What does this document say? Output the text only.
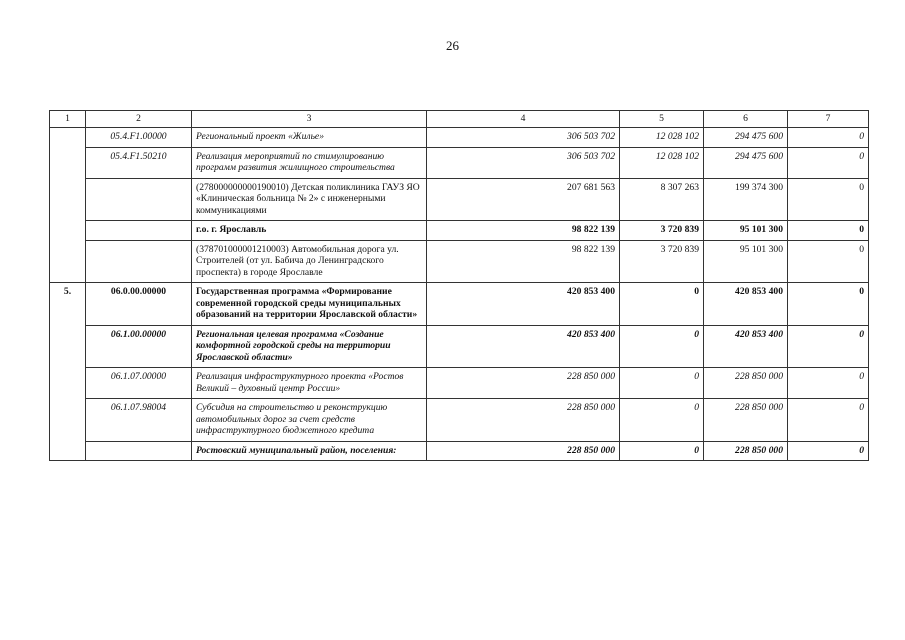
26
1	2	3	4	5	6	7
	05.4.F1.00000	Региональный проект «Жилье»	306 503 702	12 028 102	294 475 600	0
	05.4.F1.50210	Реализация мероприятий по стимулированию программ развития жилищного строительства	306 503 702	12 028 102	294 475 600	0
		(278000000000190010) Детская поликлиника ГАУЗ ЯО «Клиническая больница № 2» с инженерными коммуникациями	207 681 563	8 307 263	199 374 300	0
		г.о. г. Ярославль	98 822 139	3 720 839	95 101 300	0
		(378701000001210003) Автомобильная дорога ул. Строителей (от ул. Бабича до Ленинградского проспекта) в городе Ярославле	98 822 139	3 720 839	95 101 300	0
5.	06.0.00.00000	Государственная программа «Формирование современной городской среды муниципальных образований на территории Ярославской области»	420 853 400	0	420 853 400	0
	06.1.00.00000	Региональная целевая программа «Создание комфортной городской среды на территории Ярославской области»	420 853 400	0	420 853 400	0
	06.1.07.00000	Реализация инфраструктурного проекта «Ростов Великий – духовный центр России»	228 850 000	0	228 850 000	0
	06.1.07.98004	Субсидия на строительство и реконструкцию автомобильных дорог за счет средств инфраструктурного бюджетного кредита	228 850 000	0	228 850 000	0
		Ростовский муниципальный район, поселения:	228 850 000	0	228 850 000	0
